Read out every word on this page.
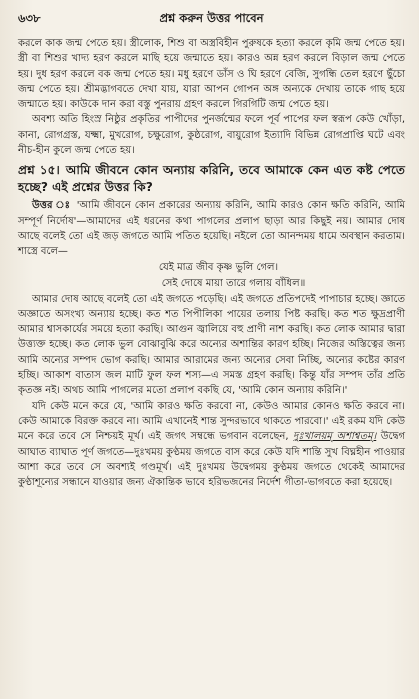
৬৩৮	প্রশ্ন করুন উত্তর পাবেন

করলে কাক জন্ম পেতে হয়। স্ত্রীলোক, শিশু বা অস্ত্রবিহীন পুরুষকে হত্যা করলে কৃমি জন্ম পেতে হয়। স্ত্রী বা শিশুর খাদ্য হরণ করলে মাছি হয়ে জন্মাতে হয়। কারও অন্ন হরণ করলে বিড়াল জন্ম পেতে হয়। দুধ হরণ করলে বক জন্ম পেতে হয়। মধু হরণে ডাঁস ও ঘি হরণে বেজি, সুগন্ধি তেল হরণে ছুঁচো জন্ম পেতে হয়। শ্রীমদ্ভাগবতে দেখা যায়, যারা আপন গোপন অঙ্গ অন্যকে দেখায় তাকে গাছ হয়ে জন্মাতে হয়। কাউকে দান করা বস্তু পুনরায় গ্রহণ করলে গিরগিটি জন্ম পেতে হয়।

অবশ্য অতি হিংস্র নিষ্ঠুর প্রকৃতির পাপীদের পুনর্জন্মের ফলে পূর্ব পাপের ফল স্বরূপ কেউ খোঁড়া, কানা, রোগগ্রস্ত, যক্ষ্মা, মুখরোগ, চক্ষুরোগ, কুষ্ঠরোগ, বায়ুরোগ ইত্যাদি বিভিন্ন রোগপ্রাপ্তি ঘটে এবং নীচ-হীন কুলে জন্ম পেতে হয়।

প্রশ্ন ১৫। আমি জীবনে কোন অন্যায় করিনি, তবে আমাকে কেন এত কষ্ট পেতে হচ্ছে? এই প্রশ্নের উত্তর কি?

উত্তর ঃ 'আমি জীবনে কোন প্রকারের অন্যায় করিনি, আমি কারও কোন ক্ষতি করিনি, আমি সম্পূর্ণ নির্দোষ'—আমাদের এই ধরনের কথা পাগলের প্রলাপ ছাড়া আর কিছুই নয়। আমার দোষ আছে বলেই তো এই জড় জগতে আমি পতিত হয়েছি। নইলে তো আনন্দময় ধামে অবস্থান করতাম। শাস্ত্রে বলে—

যেই মাত্র জীব কৃষ্ণ ভুলি গেল।

সেই দোষে মায়া তারে গলায় বাঁধিল॥

আমার দোষ আছে বলেই তো এই জগতে পড়েছি। এই জগতে প্রতিপদেই পাপাচার হচ্ছে। জ্ঞাতে অজ্ঞাতে অসংখ্য অন্যায় হচ্ছে। কত শত পিপীলিকা পায়ের তলায় পিষ্ট করছি। কত শত ক্ষুদ্রপ্রাণী আমার শ্বাসকার্যের সময়ে হত্যা করছি। আগুন জ্বালিয়ে বহু প্রাণী নাশ করছি। কত লোক আমার দ্বারা উত্ত্যক্ত হচ্ছে। কত লোক ভুল বোঝাবুঝি করে অন্যের অশান্তির কারণ হচ্ছি। নিজের অস্তিত্বের জন্য আমি অন্যের সম্পদ ভোগ করছি। আমার আরামের জন্য অন্যের সেবা নিচ্ছি, অন্যের কষ্টের কারণ হচ্ছি। আকাশ বাতাস জল মাটি ফুল ফল শস্য—এ সমস্ত গ্রহণ করছি। কিন্তু যাঁর সম্পদ তাঁর প্রতি কৃতজ্ঞ নই। অথচ আমি পাগলের মতো প্রলাপ বকছি যে, 'আমি কোন অন্যায় করিনি।'

যদি কেউ মনে করে যে, 'আমি কারও ক্ষতি করবো না, কেউও আমার কোনও ক্ষতি করবে না। কেউ আমাকে বিরক্ত করবে না। আমি এখানেই শান্ত সুন্দরভাবে থাকতে পারবো।' এই রকম যদি কেউ মনে করে তবে সে নিশ্চয়ই মূর্খ। এই জগৎ সম্বন্ধে ভগবান বলেছেন, দুঃখালয়ম্ অশাশ্বতম্। উদ্বেগ আঘাত ব্যাঘাত পূর্ণ জগতে—দুঃখময় কুণ্ঠময় জগতে বাস করে কেউ যদি শান্তি সুখ বিঘ্নহীন পাওয়ার আশা করে তবে সে অবশ্যই গণ্ডমূর্খ। এই দুঃখময় উদ্বেগময় কুণ্ঠময় জগতে থেকেই আমাদের কুণ্ঠাশূন্যের সন্ধানে যাওয়ার জন্য ঐকান্তিক ভাবে হরিভজনের নির্দেশ গীতা-ভাগবতে করা হয়েছে।
